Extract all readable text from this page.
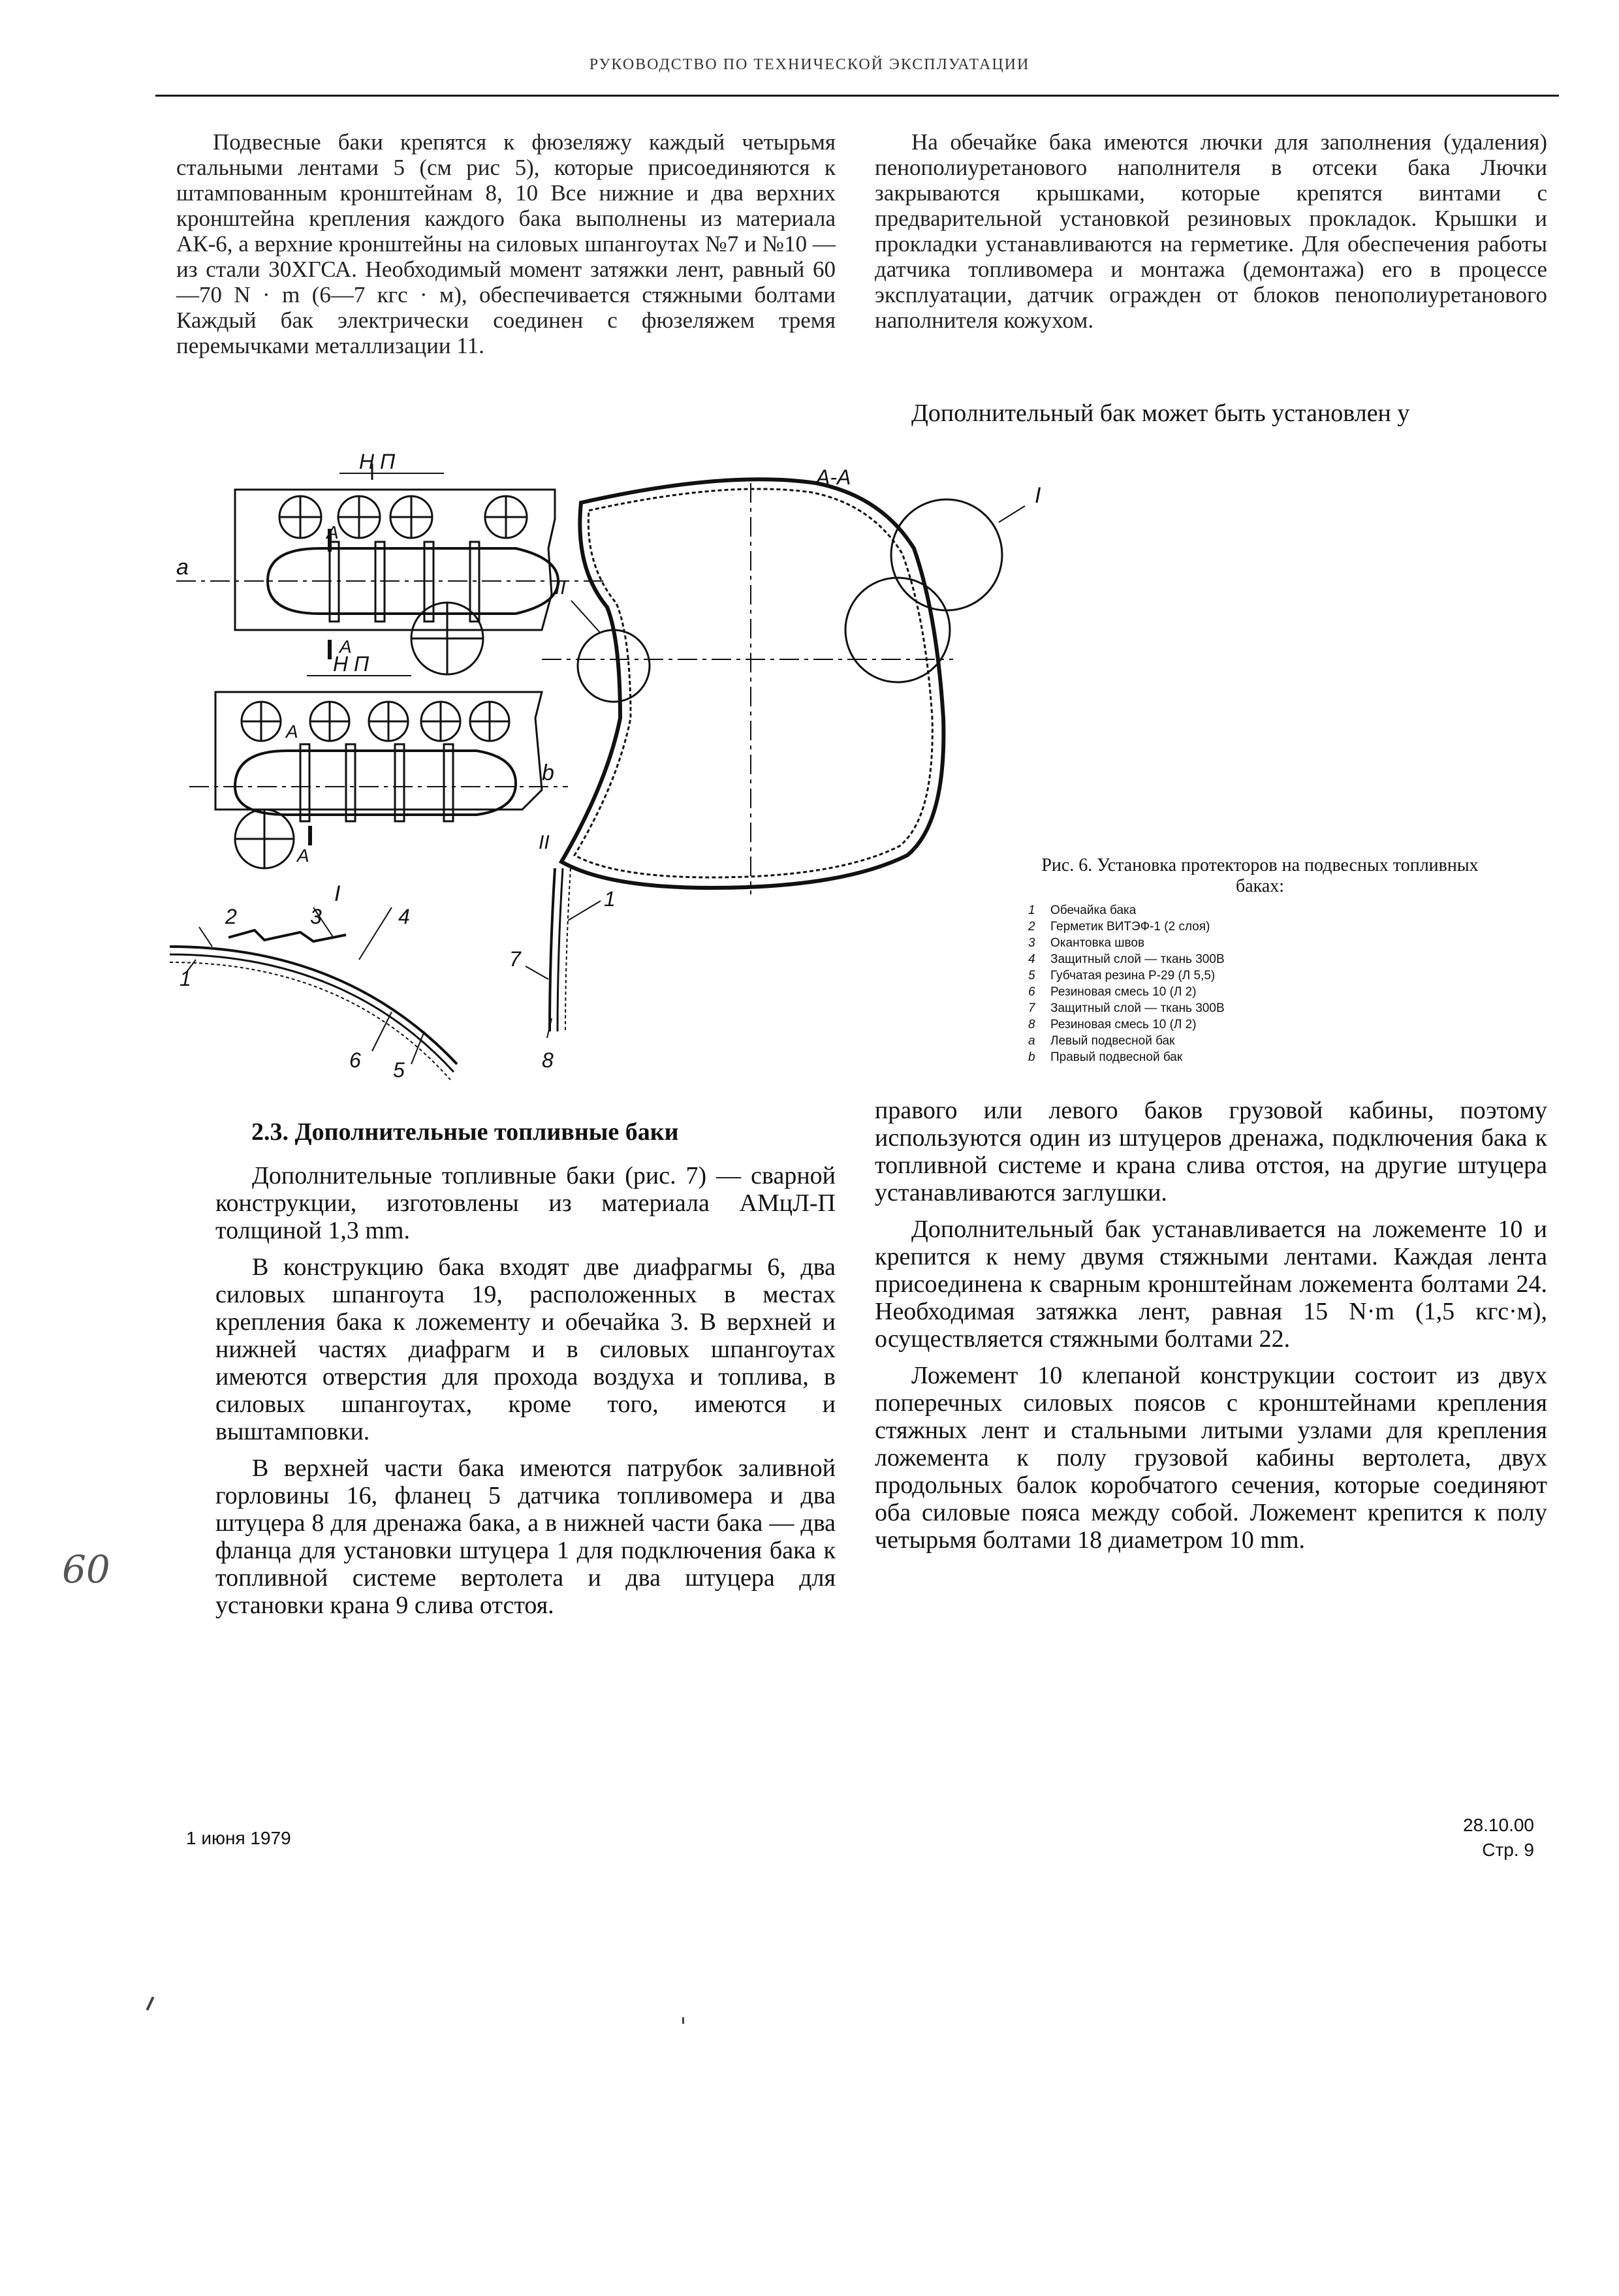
РУКОВОДСТВО ПО ТЕХНИЧЕСКОЙ ЭКСПЛУАТАЦИИ

Подвесные баки крепятся к фюзеляжу каждый четырьмя стальными лентами 5 (см рис 5), которые присоединяются к штампованным кронштейнам 8, 10 Все нижние и два верхних кронштейна крепления каждого бака выполнены из материала АК-6, а верхние кронштейны на силовых шпангоутах №7 и №10 — из стали 30ХГСА. Необходимый момент затяжки лент, равный 60—70 N · m (6—7 кгс · м), обеспечивается стяжными болтами Каждый бак электрически соединен с фюзеляжем тремя перемычками металлизации 11.

На обечайке бака имеются лючки для заполнения (удаления) пенополиуретанового наполнителя в отсеки бака Лючки закрываются крышками, которые крепятся винтами с предварительной установкой резиновых прокладок. Крышки и прокладки устанавливаются на герметике. Для обеспечения работы датчика топливомера и монтажа (демонтажа) его в процессе эксплуатации, датчик огражден от блоков пенополиуретанового наполнителя кожухом.

Дополнительный бак может быть установлен у

Н П
А
a
А
Н П
А
b
А
А-А
I
II
I
II
2	3	4
1
6 5
1
7
8
Рис. 6. Установка протекторов на подвесных топливных баках:
1	Обечайка бака
2	Герметик ВИТЭФ-1 (2 слоя)
3	Окантовка швов
4	Защитный слой — ткань 300В
5	Губчатая резина Р-29 (Л 5,5)
6	Резиновая смесь 10 (Л 2)
7	Защитный слой — ткань 300В
8	Резиновая смесь 10 (Л 2)
a	Левый подвесной бак
b	Правый подвесной бак
2.3. Дополнительные топливные баки

Дополнительные топливные баки (рис. 7) — сварной конструкции, изготовлены из материала АМцЛ-П толщиной 1,3 mm.

В конструкцию бака входят две диафрагмы 6, два силовых шпангоута 19, расположенных в местах крепления бака к ложементу и обечайка 3. В верхней и нижней частях диафрагм и в силовых шпангоутах имеются отверстия для прохода воздуха и топлива, в силовых шпангоутах, кроме того, имеются и выштамповки.

В верхней части бака имеются патрубок заливной горловины 16, фланец 5 датчика топливомера и два штуцера 8 для дренажа бака, а в нижней части бака — два фланца для установки штуцера 1 для подключения бака к топливной системе вертолета и два штуцера для установки крана 9 слива отстоя.

правого или левого баков грузовой кабины, поэтому используются один из штуцеров дренажа, подключения бака к топливной системе и крана слива отстоя, на другие штуцера устанавливаются заглушки.

Дополнительный бак устанавливается на ложементе 10 и крепится к нему двумя стяжными лентами. Каждая лента присоединена к сварным кронштейнам ложемента болтами 24. Необходимая затяжка лент, равная 15 N·m (1,5 кгс·м), осуществляется стяжными болтами 22.

Ложемент 10 клепаной конструкции состоит из двух поперечных силовых поясов с кронштейнами крепления стяжных лент и стальными литыми узлами для крепления ложемента к полу грузовой кабины вертолета, двух продольных балок коробчатого сечения, которые соединяют оба силовые пояса между собой. Ложемент крепится к полу четырьмя болтами 18 диаметром 10 mm.

60
1 июня 1979
28.10.00
Стр. 9
